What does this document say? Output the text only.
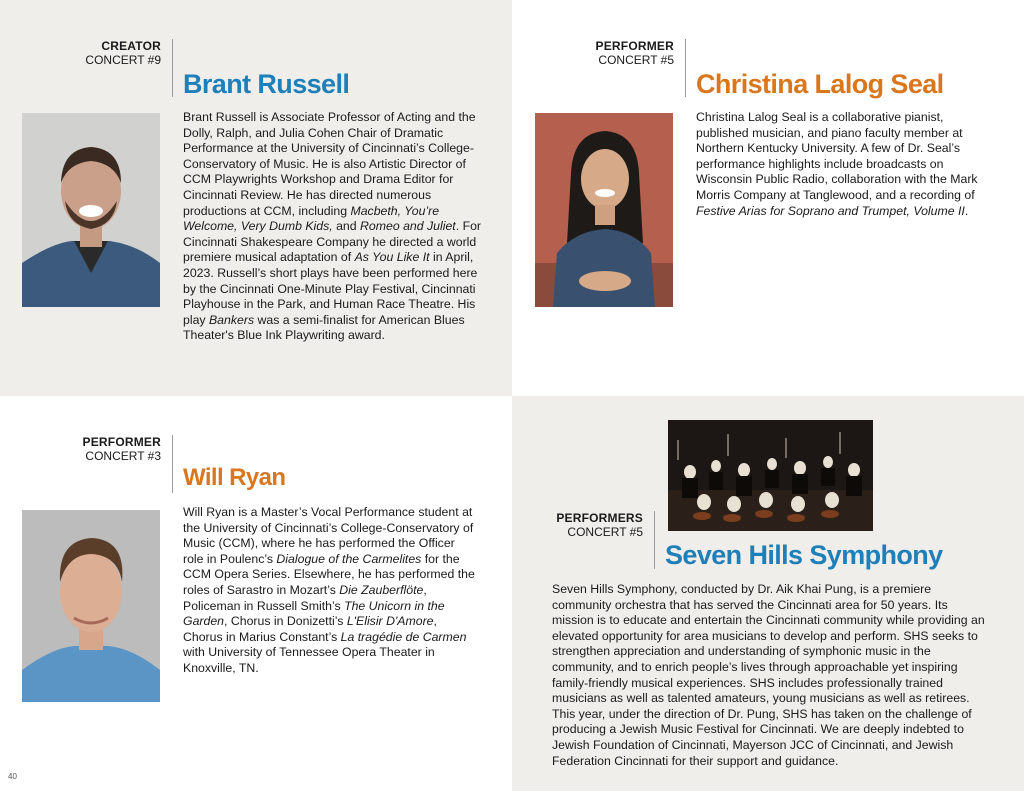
CREATOR
CONCERT #9
Brant Russell

Brant Russell is Associate Professor of Acting and the Dolly, Ralph, and Julia Cohen Chair of Dramatic Performance at the University of Cincinnati’s College-Conservatory of Music. He is also Artistic Director of CCM Playwrights Workshop and Drama Editor for Cincinnati Review. He has directed numerous productions at CCM, including Macbeth, You’re Welcome, Very Dumb Kids, and Romeo and Juliet. For Cincinnati Shakespeare Company he directed a world premiere musical adaptation of As You Like It in April, 2023. Russell’s short plays have been performed here by the Cincinnati One-Minute Play Festival, Cincinnati Playhouse in the Park, and Human Race Theatre. His play Bankers was a semi-finalist for American Blues Theater's Blue Ink Playwriting award.

PERFORMER
CONCERT #5
Christina Lalog Seal

Christina Lalog Seal is a collaborative pianist, published musician, and piano faculty member at Northern Kentucky University. A few of Dr. Seal’s performance highlights include broadcasts on Wisconsin Public Radio, collaboration with the Mark Morris Company at Tanglewood, and a recording of Festive Arias for Soprano and Trumpet, Volume II.

PERFORMER
CONCERT #3
Will Ryan

Will Ryan is a Master’s Vocal Performance student at the University of Cincinnati’s College-Conservatory of Music (CCM), where he has performed the Officer role in Poulenc’s Dialogue of the Carmelites for the CCM Opera Series. Elsewhere, he has performed the roles of Sarastro in Mozart’s Die Zauberflöte, Policeman in Russell Smith’s The Unicorn in the Garden, Chorus in Donizetti’s L'Elisir D'Amore, Chorus in Marius Constant’s La tragédie de Carmen with University of Tennessee Opera Theater in Knoxville, TN.

PERFORMERS
CONCERT #5
Seven Hills Symphony

Seven Hills Symphony, conducted by Dr. Aik Khai Pung, is a premiere community orchestra that has served the Cincinnati area for 50 years. Its mission is to educate and entertain the Cincinnati community while providing an elevated opportunity for area musicians to develop and perform. SHS seeks to strengthen appreciation and understanding of symphonic music in the community, and to enrich people’s lives through approachable yet inspiring family-friendly musical experiences. SHS includes professionally trained musicians as well as talented amateurs, young musicians as well as retirees. This year, under the direction of Dr. Pung, SHS has taken on the challenge of producing a Jewish Music Festival for Cincinnati. We are deeply indebted to Jewish Foundation of Cincinnati, Mayerson JCC of Cincinnati, and Jewish Federation Cincinnati for their support and guidance.

40
